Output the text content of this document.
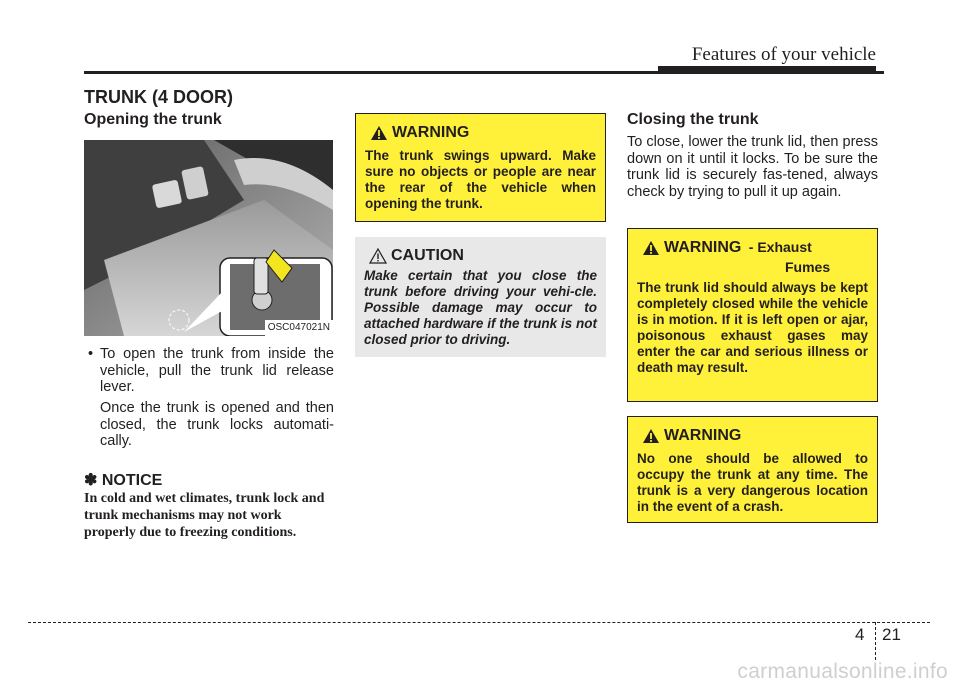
Features of your vehicle
TRUNK (4 DOOR)
Opening the trunk
OSC047021N
• To open the trunk from inside the vehicle, pull the trunk lid release lever.
Once the trunk is opened and then closed, the trunk locks automati-cally.
✽ NOTICE
In cold and wet climates, trunk lock and trunk mechanisms may not work properly due to freezing conditions.
WARNING
The trunk swings upward. Make sure no objects or people are near the rear of the vehicle when opening the trunk.
CAUTION
Make certain that you close the trunk before driving your vehi-cle. Possible damage may occur to attached hardware if the trunk is not closed prior to driving.
Closing the trunk
To close, lower the trunk lid, then press down on it until it locks. To be sure the trunk lid is securely fas-tened, always check by trying to pull it up again.
WARNING - Exhaust
Fumes
The trunk lid should always be kept completely closed while the vehicle is in motion. If it is left open or ajar, poisonous exhaust gases may enter the car and serious illness or death may result.
WARNING
No one should be allowed to occupy the trunk at any time. The trunk is a very dangerous location in the event of a crash.
4 21
carmanualsonline.info
